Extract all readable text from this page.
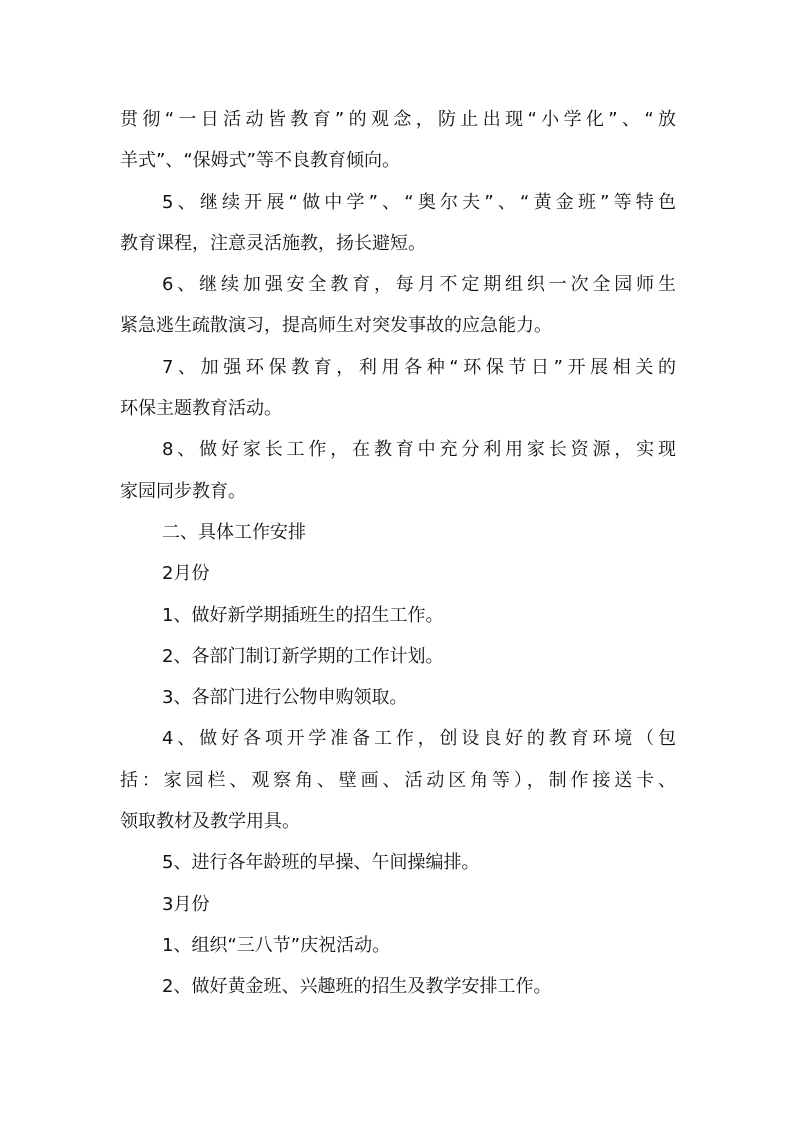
贯彻“一日活动皆教育”的观念，防止出现“小学化”、“放
羊式”、“保姆式”等不良教育倾向。
5、继续开展“做中学”、“奥尔夫”、“黄金班”等特色
教育课程，注意灵活施教，扬长避短。
6、继续加强安全教育，每月不定期组织一次全园师生
紧急逃生疏散演习，提高师生对突发事故的应急能力。
7、加强环保教育，利用各种“环保节日”开展相关的
环保主题教育活动。
8、做好家长工作，在教育中充分利用家长资源，实现
家园同步教育。
二、具体工作安排
2月份
1、做好新学期插班生的招生工作。
2、各部门制订新学期的工作计划。
3、各部门进行公物申购领取。
4、做好各项开学准备工作，创设良好的教育环境（包
括：家园栏、观察角、壁画、活动区角等），制作接送卡、
领取教材及教学用具。
5、进行各年龄班的早操、午间操编排。
3月份
1、组织“三八节”庆祝活动。
2、做好黄金班、兴趣班的招生及教学安排工作。
